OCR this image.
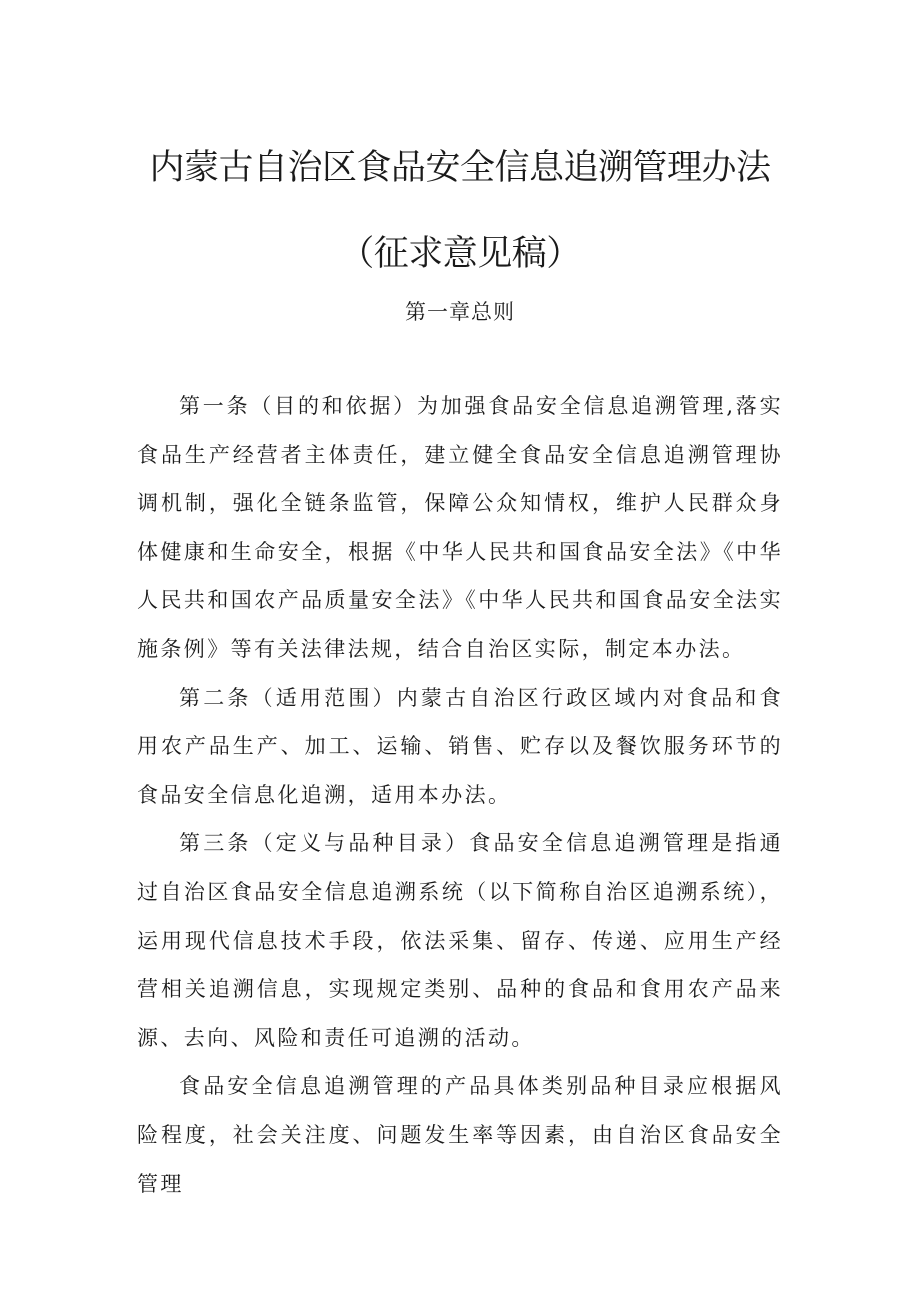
内蒙古自治区食品安全信息追溯管理办法
（征求意见稿）
第一章总则

第一条（目的和依据）为加强食品安全信息追溯管理,落实食品生产经营者主体责任，建立健全食品安全信息追溯管理协调机制，强化全链条监管，保障公众知情权，维护人民群众身体健康和生命安全，根据《中华人民共和国食品安全法》《中华人民共和国农产品质量安全法》《中华人民共和国食品安全法实施条例》等有关法律法规，结合自治区实际，制定本办法。

第二条（适用范围）内蒙古自治区行政区域内对食品和食用农产品生产、加工、运输、销售、贮存以及餐饮服务环节的食品安全信息化追溯，适用本办法。

第三条（定义与品种目录）食品安全信息追溯管理是指通过自治区食品安全信息追溯系统（以下简称自治区追溯系统），运用现代信息技术手段，依法采集、留存、传递、应用生产经营相关追溯信息，实现规定类别、品种的食品和食用农产品来源、去向、风险和责任可追溯的活动。

食品安全信息追溯管理的产品具体类别品种目录应根据风险程度，社会关注度、问题发生率等因素，由自治区食品安全管理
